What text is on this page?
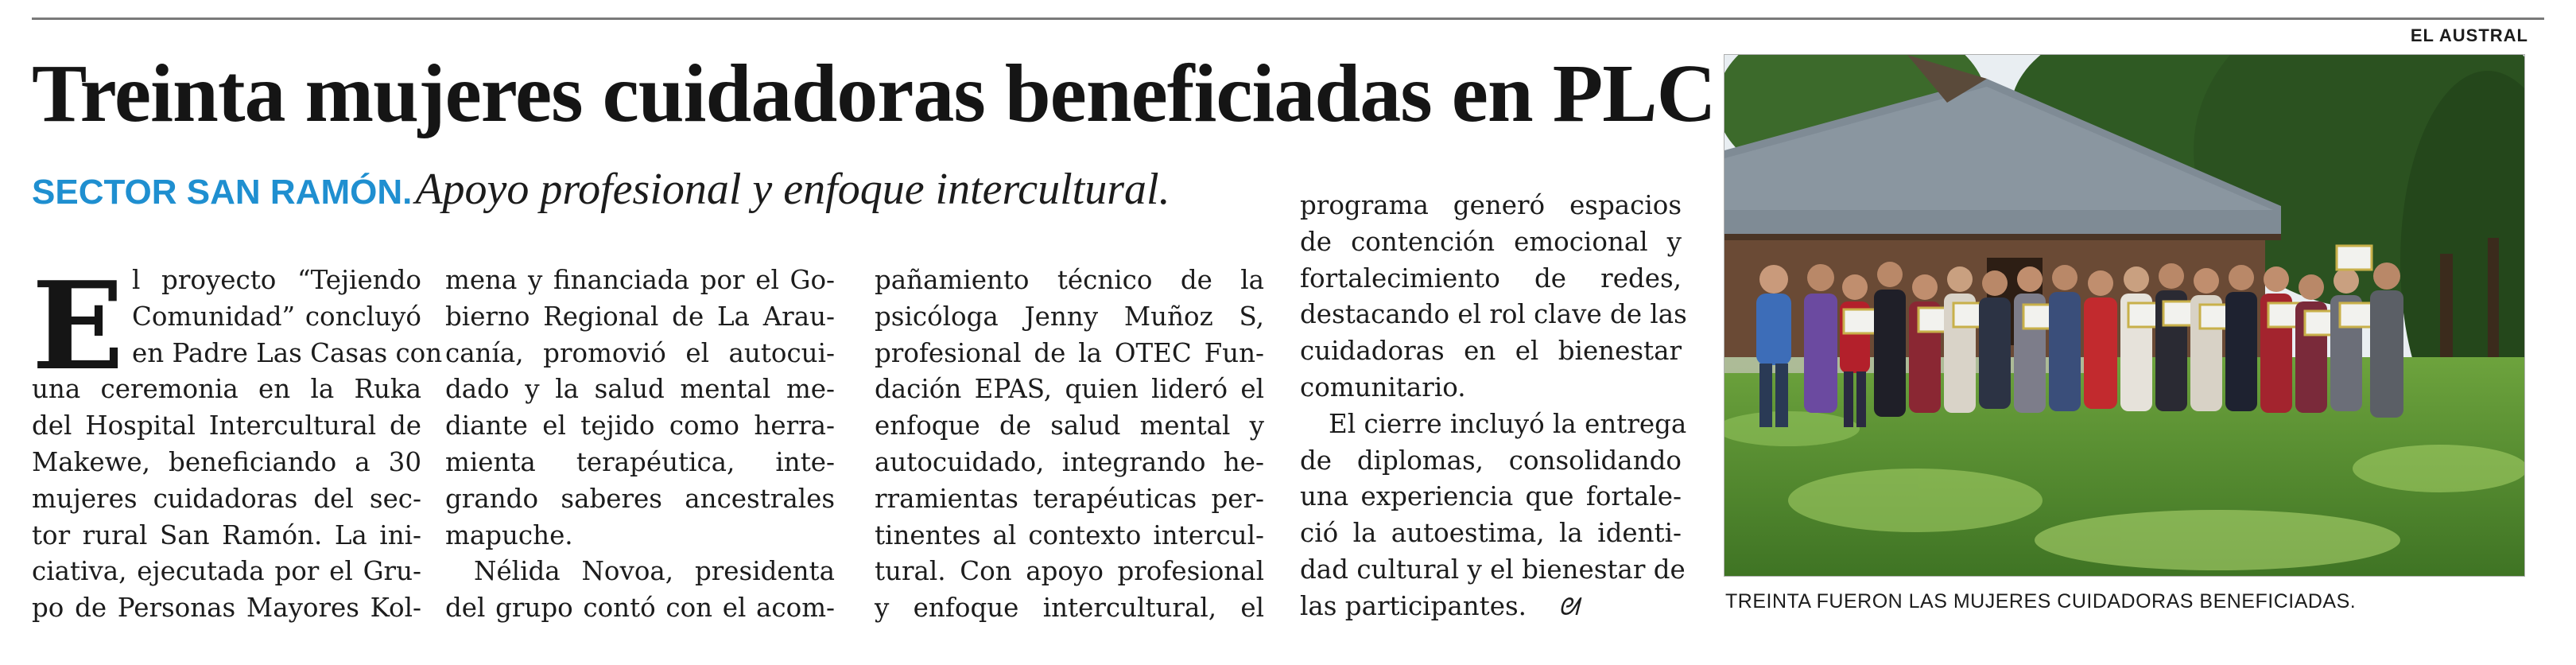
EL AUSTRAL
Treinta mujeres cuidadoras beneficiadas en PLC
SECTOR SAN RAMÓN. Apoyo profesional y enfoque intercultural.
E l proyecto “Tejiendo
Comunidad” concluyó
en Padre Las Casas con
una ceremonia en la Ruka
del Hospital Intercultural de
Makewe, beneficiando a 30
mujeres cuidadoras del sec-
tor rural San Ramón. La ini-
ciativa, ejecutada por el Gru-
po de Personas Mayores Kol-
mena y financiada por el Go-
bierno Regional de La Arau-
canía, promovió el autocui-
dado y la salud mental me-
diante el tejido como herra-
mienta terapéutica, inte-
grando saberes ancestrales
mapuche.
Nélida Novoa, presidenta
del grupo contó con el acom-
pañamiento técnico de la
psicóloga Jenny Muñoz S,
profesional de la OTEC Fun-
dación EPAS, quien lideró el
enfoque de salud mental y
autocuidado, integrando he-
rramientas terapéuticas per-
tinentes al contexto intercul-
tural. Con apoyo profesional
y enfoque intercultural, el
programa generó espacios
de contención emocional y
fortalecimiento de redes,
destacando el rol clave de las
cuidadoras en el bienestar
comunitario.
El cierre incluyó la entrega
de diplomas, consolidando
una experiencia que fortale-
ció la autoestima, la identi-
dad cultural y el bienestar de
las participantes. ᘛ	TREINTA FUERON LAS MUJERES CUIDADORAS BENEFICIADAS.
